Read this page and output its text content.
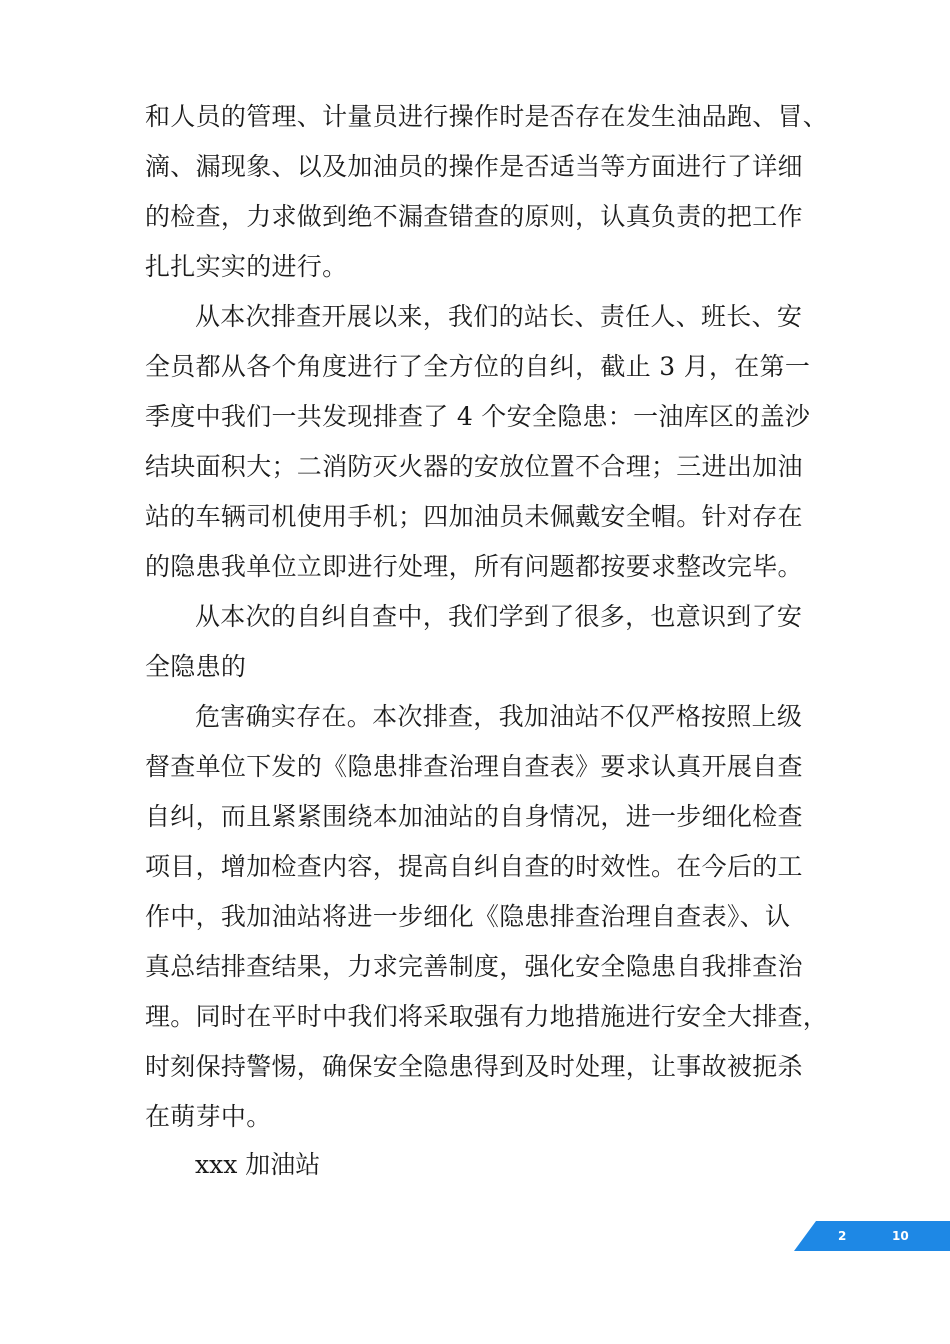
和人员的管理、计量员进行操作时是否存在发生油品跑、冒、
滴、漏现象、以及加油员的操作是否适当等方面进行了详细
的检查，力求做到绝不漏查错查的原则，认真负责的把工作
扎扎实实的进行。
从本次排查开展以来，我们的站长、责任人、班长、安
全员都从各个角度进行了全方位的自纠，截止 3 月，在第一
季度中我们一共发现排查了 4 个安全隐患：一油库区的盖沙
结块面积大；二消防灭火器的安放位置不合理；三进出加油
站的车辆司机使用手机；四加油员未佩戴安全帽。针对存在
的隐患我单位立即进行处理，所有问题都按要求整改完毕。
从本次的自纠自查中，我们学到了很多，也意识到了安
全隐患的
危害确实存在。本次排查，我加油站不仅严格按照上级
督查单位下发的《隐患排查治理自查表》要求认真开展自查
自纠，而且紧紧围绕本加油站的自身情况，进一步细化检查
项目，增加检查内容，提高自纠自查的时效性。在今后的工
作中，我加油站将进一步细化《隐患排查治理自查表》、认
真总结排查结果，力求完善制度，强化安全隐患自我排查治
理。同时在平时中我们将采取强有力地措施进行安全大排查，
时刻保持警惕，确保安全隐患得到及时处理，让事故被扼杀
在萌芽中。
xxx 加油站
2	10
